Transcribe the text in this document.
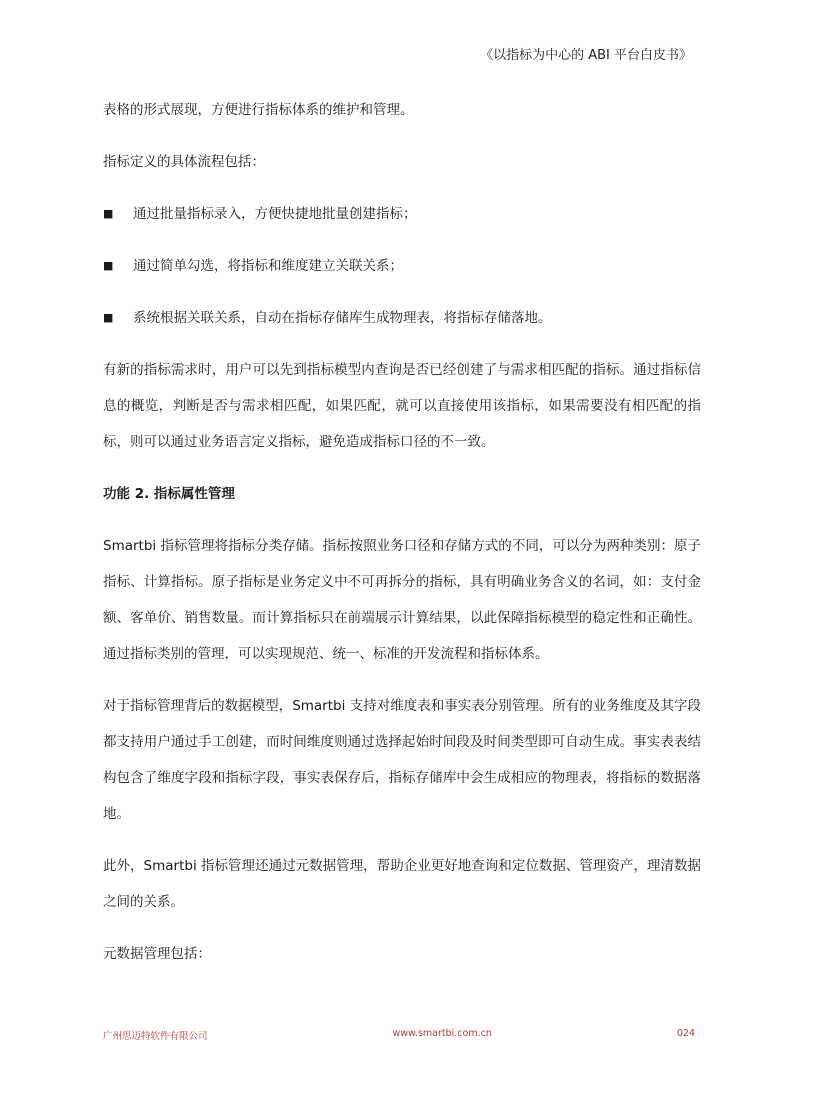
《以指标为中心的 ABI 平台白皮书》

表格的形式展现，方便进行指标体系的维护和管理。

指标定义的具体流程包括：

■	通过批量指标录入，方便快捷地批量创建指标；
■	通过简单勾选，将指标和维度建立关联关系；
■	系统根据关联关系，自动在指标存储库生成物理表，将指标存储落地。

有新的指标需求时，用户可以先到指标模型内查询是否已经创建了与需求相匹配的指标。通过指标信息的概览，判断是否与需求相匹配，如果匹配，就可以直接使用该指标，如果需要没有相匹配的指标，则可以通过业务语言定义指标，避免造成指标口径的不一致。

功能 2. 指标属性管理

Smartbi 指标管理将指标分类存储。指标按照业务口径和存储方式的不同，可以分为两种类别：原子指标、计算指标。原子指标是业务定义中不可再拆分的指标，具有明确业务含义的名词，如：支付金额、客单价、销售数量。而计算指标只在前端展示计算结果，以此保障指标模型的稳定性和正确性。通过指标类别的管理，可以实现规范、统一、标准的开发流程和指标体系。

对于指标管理背后的数据模型，Smartbi 支持对维度表和事实表分别管理。所有的业务维度及其字段都支持用户通过手工创建，而时间维度则通过选择起始时间段及时间类型即可自动生成。事实表表结构包含了维度字段和指标字段，事实表保存后，指标存储库中会生成相应的物理表，将指标的数据落地。

此外，Smartbi 指标管理还通过元数据管理，帮助企业更好地查询和定位数据、管理资产，理清数据之间的关系。

元数据管理包括：

广州思迈特软件有限公司	www.smartbi.com.cn	024
